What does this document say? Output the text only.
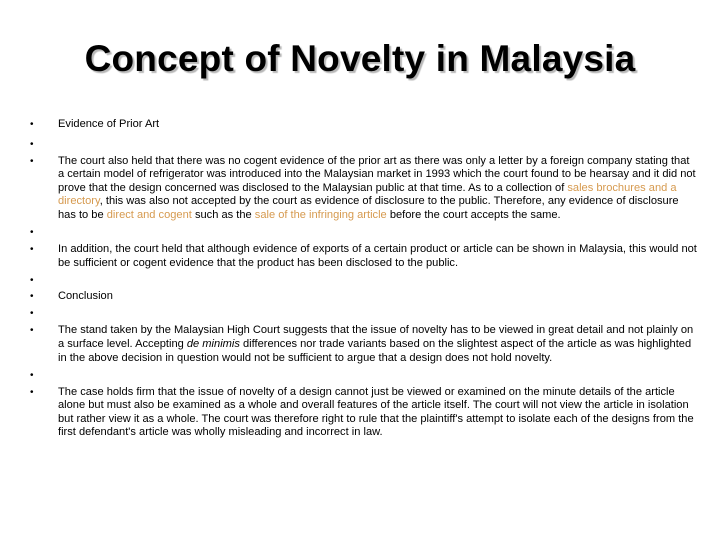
Concept of Novelty in Malaysia
•	Evidence of Prior Art
•
•	The court also held that there was no cogent evidence of the prior art as there was only a letter by a foreign company stating that a certain model of refrigerator was introduced into the Malaysian market in 1993 which the court found to be hearsay and it did not prove that the design concerned was disclosed to the Malaysian public at that time. As to a collection of sales brochures and a directory, this was also not accepted by the court as evidence of disclosure to the public. Therefore, any evidence of disclosure has to be direct and cogent such as the sale of the infringing article before the court accepts the same.
•
•	In addition, the court held that although evidence of exports of a certain product or article can be shown in Malaysia, this would not be sufficient or cogent evidence that the product has been disclosed to the public.
•
•	Conclusion
•
•	The stand taken by the Malaysian High Court suggests that the issue of novelty has to be viewed in great detail and not plainly on a surface level. Accepting de minimis differences nor trade variants based on the slightest aspect of the article as was highlighted in the above decision in question would not be sufficient to argue that a design does not hold novelty.
•
•	The case holds firm that the issue of novelty of a design cannot just be viewed or examined on the minute details of the article alone but must also be examined as a whole and overall features of the article itself. The court will not view the article in isolation but rather view it as a whole. The court was therefore right to rule that the plaintiff's attempt to isolate each of the designs from the first defendant's article was wholly misleading and incorrect in law.
